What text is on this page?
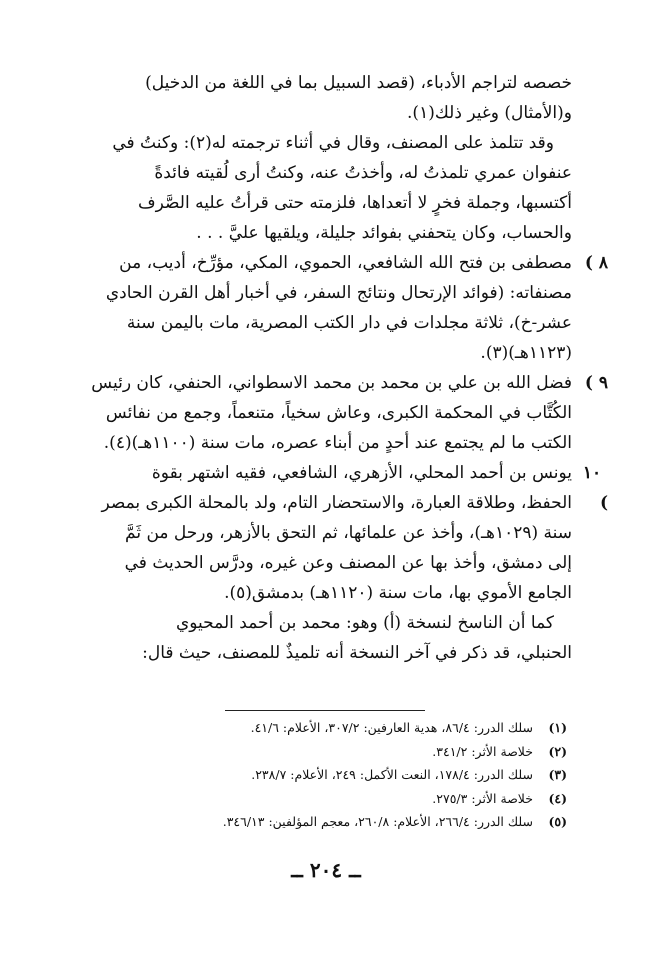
خصصه لتراجم الأدباء، (قصد السبيل بما في اللغة من الدخيل)
و(الأمثال) وغير ذلك(١).
وقد تتلمذ على المصنف، وقال في أثناء ترجمته له(٢): وكنتُ في
عنفوان عمري تلمذتُ له، وأخذتُ عنه، وكنتُ أرى لُقيته فائدةً
أكتسبها، وجملة فخرٍ لا أتعداها، فلزمته حتى قرأتُ عليه الصَّرف
والحساب، وكان يتحفني بفوائد جليلة، ويلقيها عليَّ . . .
٨ )
مصطفى بن فتح الله الشافعي، الحموي، المكي، مؤرِّخ، أديب، من
مصنفاته: (فوائد الإرتحال ونتائج السفر، في أخبار أهل القرن الحادي
عشر-خ)، ثلاثة مجلدات في دار الكتب المصرية، مات باليمن سنة
(١١٢٣هـ)(٣).
٩ )
فضل الله بن علي بن محمد بن محمد الاسطواني، الحنفي، كان رئيس
الكُتَّاب في المحكمة الكبرى، وعاش سخياً، متنعماً، وجمع من نفائس
الكتب ما لم يجتمع عند أحدٍ من أبناء عصره، مات سنة (١١٠٠هـ)(٤).
١٠ )
يونس بن أحمد المحلي، الأزهري، الشافعي، فقيه اشتهر بقوة
الحفظ، وطلاقة العبارة، والاستحضار التام، ولد بالمحلة الكبرى بمصر
سنة (١٠٢٩هـ)، وأخذ عن علمائها، ثم التحق بالأزهر، ورحل من ثَمَّ
إلى دمشق، وأخذ بها عن المصنف وعن غيره، ودرَّس الحديث في
الجامع الأموي بها، مات سنة (١١٢٠هـ) بدمشق(٥).
كما أن الناسخ لنسخة (أ) وهو: محمد بن أحمد المحيوي
الحنبلي، قد ذكر في آخر النسخة أنه تلميذٌ للمصنف، حيث قال:
(١)سلك الدرر: ٨٦/٤، هدية العارفين: ٣٠٧/٢، الأعلام: ٤١/٦.
(٢)خلاصة الأثر: ٣٤١/٢.
(٣)سلك الدرر: ١٧٨/٤، النعت الأكمل: ٢٤٩، الأعلام: ٢٣٨/٧.
(٤)خلاصة الأثر: ٢٧٥/٣.
(٥)سلك الدرر: ٢٦٦/٤، الأعلام: ٢٦٠/٨، معجم المؤلفين: ٣٤٦/١٣.
ــ ٢٠٤ ــ
